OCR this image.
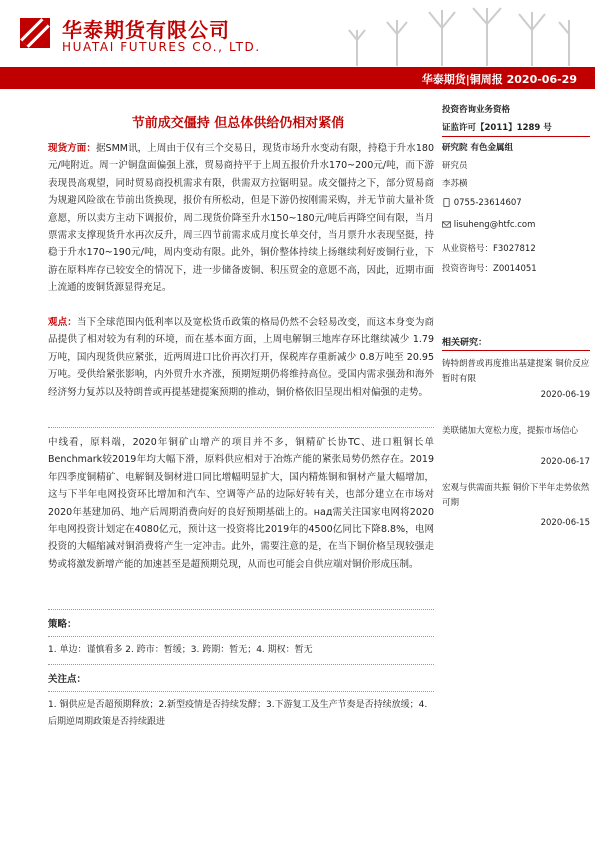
华泰期货有限公司
HUATAI FUTURES CO., LTD.
华泰期货|铜周报 2020-06-29
节前成交僵持 但总体供给仍相对紧俏

现货方面：据SMM讯，上周由于仅有三个交易日，现货市场升水变动有限，持稳于升水180元/吨附近。周一沪铜盘面偏强上涨，贸易商持平于上周五报价升水170~200元/吨，而下游表现畏高观望，同时贸易商投机需求有限，供需双方拉锯明显。成交僵持之下，部分贸易商为规避风险欲在节前出货换现，报价有所松动，但是下游仍按刚需采购，并无节前大量补货意愿，所以卖方主动下调报价，周二现货价降至升水150~180元/吨后再降空间有限，当月票需求支撑现货升水再次反升，周三四节前需求成月度长单交付，当月票升水表现坚挺，持稳于升水170~190元/吨，周内变动有限。此外，铜价整体持续上扬继续利好废铜行业，下游在原料库存已较安全的情况下，进一步储备废铜、积压贸金的意愿不高，因此，近期市面上流通的废铜货源显得充足。

观点：当下全球范围内低利率以及宽松货币政策的格局仍然不会轻易改变，而这本身变为商品提供了相对较为有利的环境，而在基本面方面，上周电解铜三地库存环比继续减少 1.79 万吨，国内现货供应紧张，近两周进口比价再次打开，保税库存重新减少 0.8万吨至 20.95 万吨。受供给紧张影响，内外贸升水齐涨，预期短期仍将维持高位。受国内需求强劲和海外经济努力复苏以及特朗普或再提基建提案预期的推动，铜价格依旧呈现出相对偏强的走势。

中线看，原料端，2020年铜矿山增产的项目并不多，铜精矿长协TC、进口粗铜长单Benchmark较2019年均大幅下滑，原料供应相对于冶炼产能的紧张局势仍然存在。2019年四季度铜精矿、电解铜及铜材进口同比增幅明显扩大，国内精炼铜和铜材产量大幅增加，这与下半年电网投资环比增加和汽车、空调等产品的边际好转有关，也部分建立在市场对2020年基建加码、地产后周期消费向好的良好预期基础上的。над需关注国家电网将2020年电网投资计划定在4080亿元，预计这一投资将比2019年的4500亿同比下降8.8%，电网投资的大幅缩减对铜消费将产生一定冲击。此外，需要注意的是，在当下铜价格呈现较强走势或将激发新增产能的加速甚至是超预期兑现，从而也可能会自供应端对铜价形成压制。

策略：
1. 单边：谨慎看多 2. 跨市：暂缓；3. 跨期：暂无；4. 期权：暂无
关注点：
1. 铜供应是否超预期释放；2.新型疫情是否持续发酵；3.下游复工及生产节奏是否持续放缓；4. 后期逆周期政策是否持续跟进
投资咨询业务资格
证监许可【2011】1289 号
研究院 有色金属组
研究员
李苏横
0755-23614607
lisuheng@htfc.com
从业资格号：F3027812
投资咨询号：Z0014051
相关研究：
铸特朗普或再度推出基建提案 铜价反应暂时有限
2020-06-19
美联储加大宽松力度，提振市场信心
2020-06-17
宏观与供需面共振 铜价下半年走势依然可期
2020-06-15
